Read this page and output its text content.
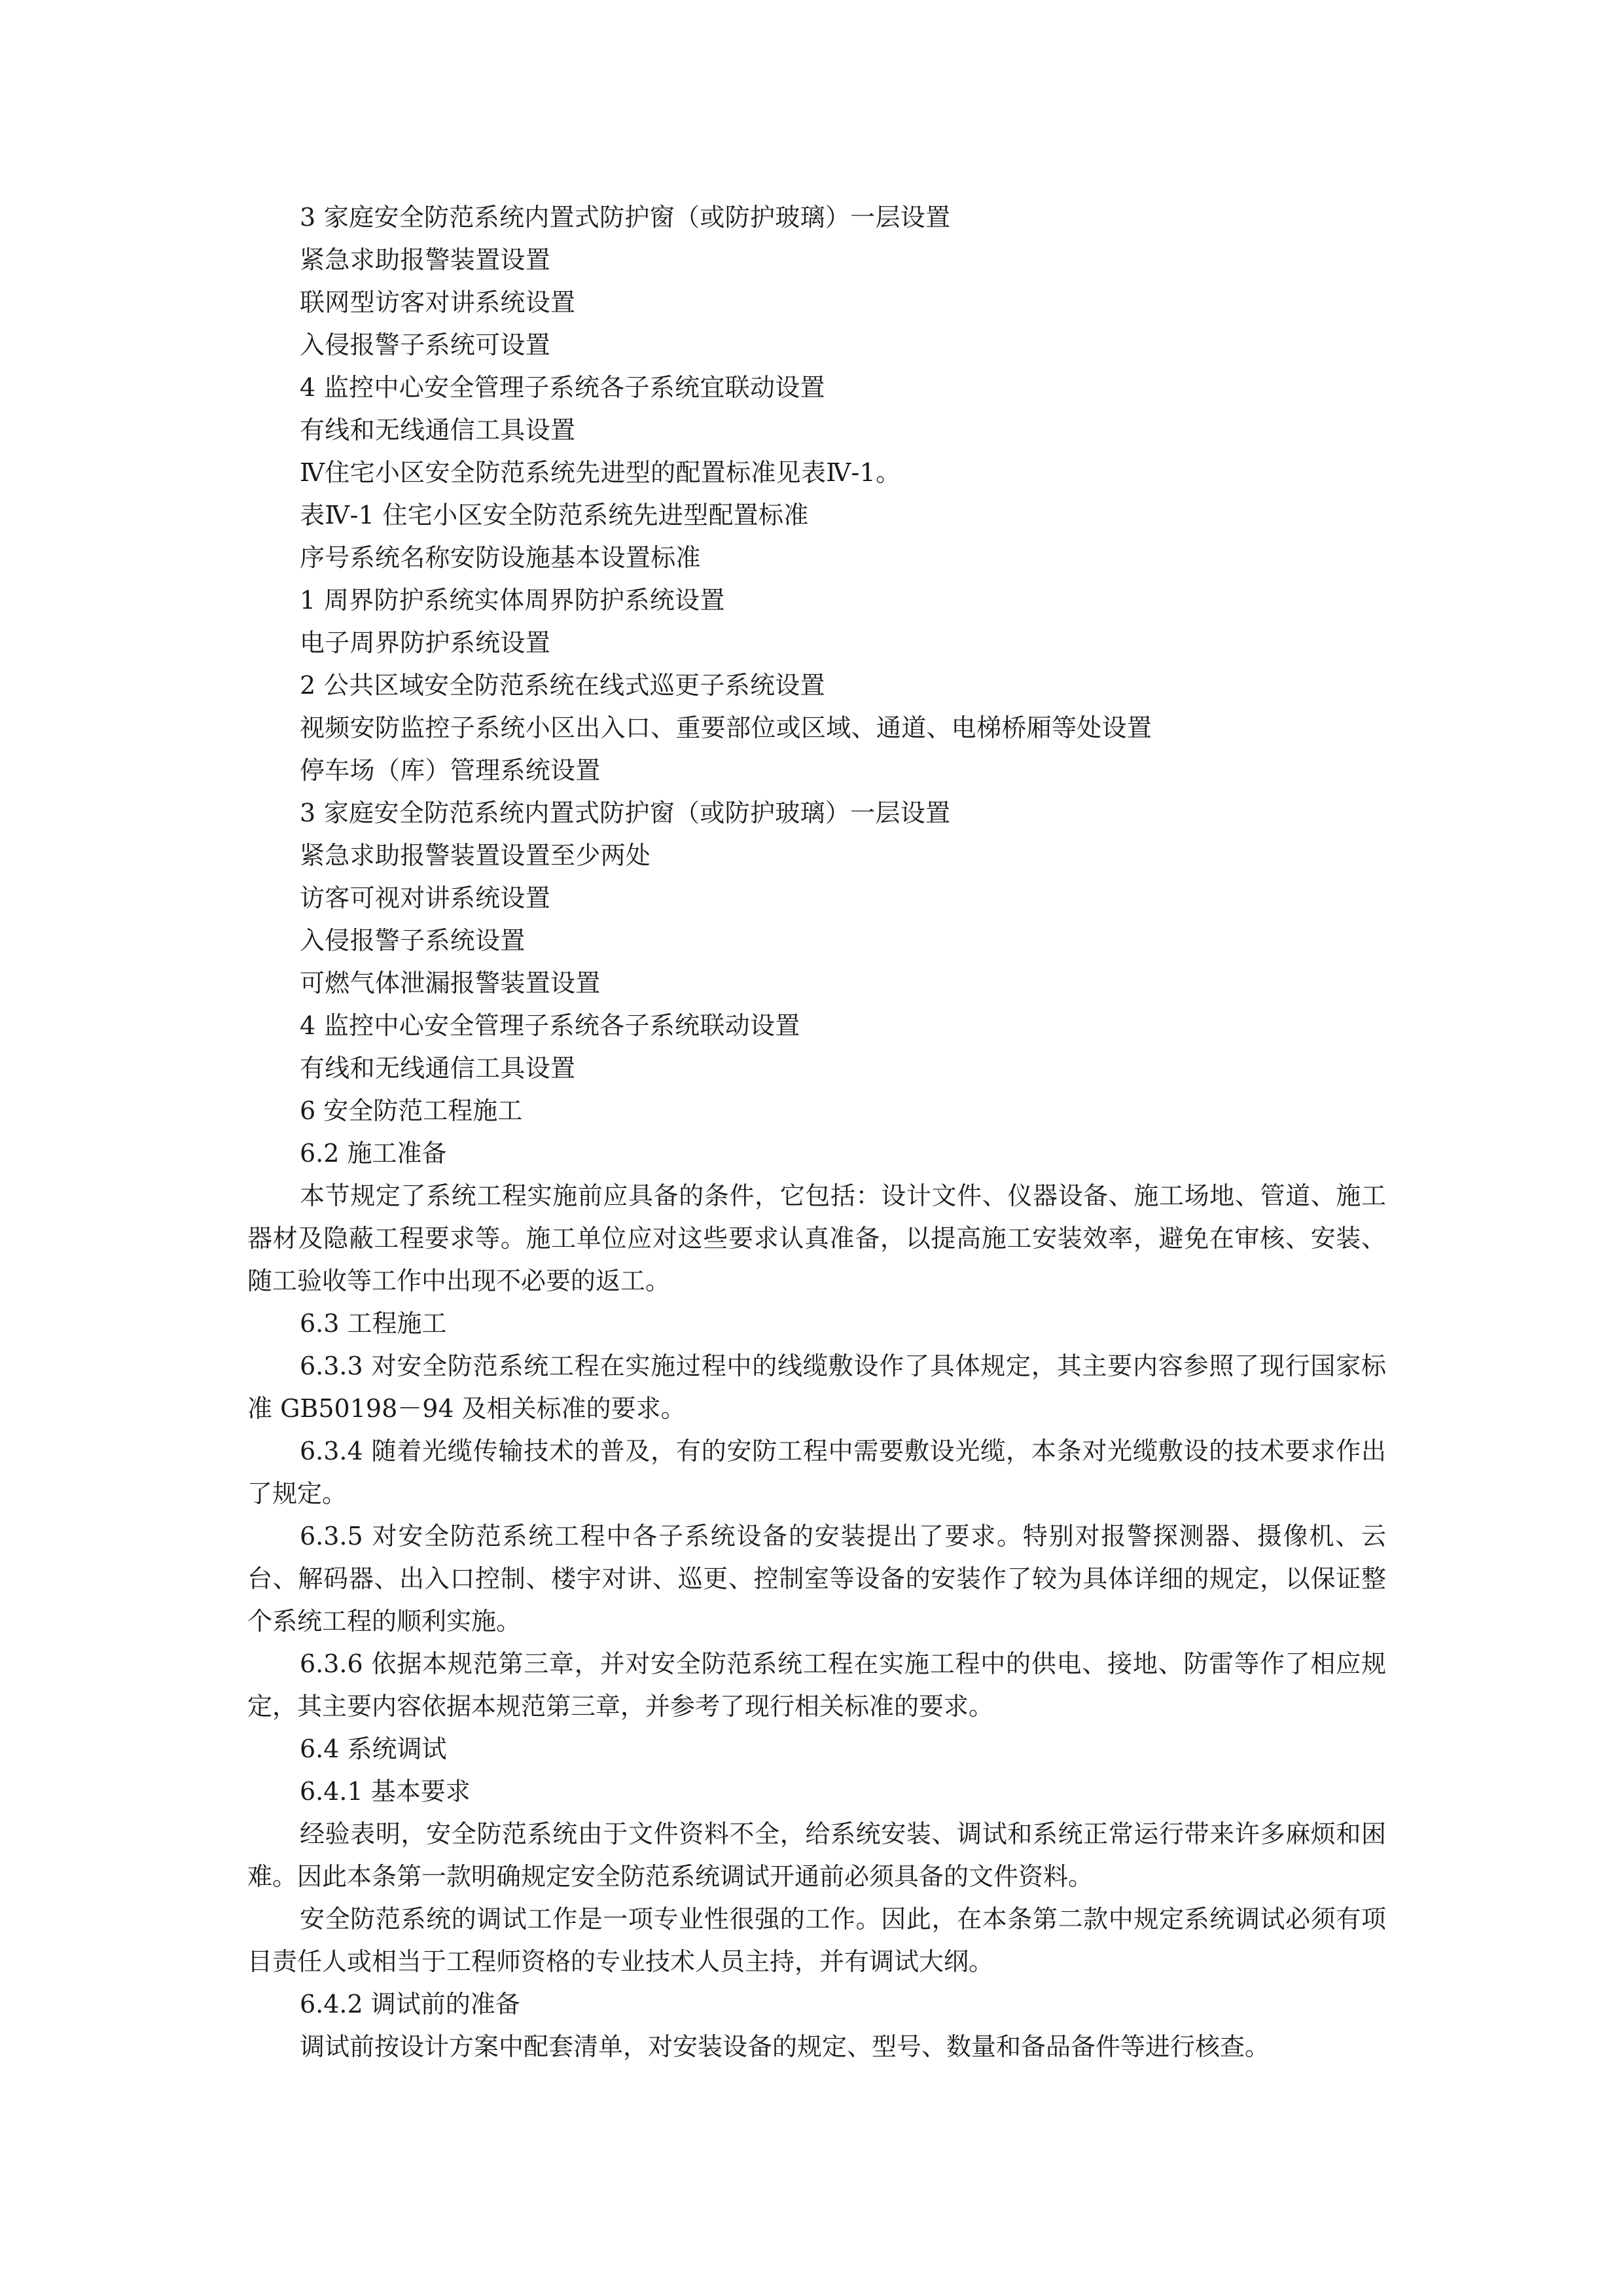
3 家庭安全防范系统内置式防护窗（或防护玻璃）一层设置
紧急求助报警装置设置
联网型访客对讲系统设置
入侵报警子系统可设置
4 监控中心安全管理子系统各子系统宜联动设置
有线和无线通信工具设置
Ⅳ住宅小区安全防范系统先进型的配置标准见表Ⅳ-1。
表Ⅳ-1 住宅小区安全防范系统先进型配置标准
序号系统名称安防设施基本设置标准
1 周界防护系统实体周界防护系统设置
电子周界防护系统设置
2 公共区域安全防范系统在线式巡更子系统设置
视频安防监控子系统小区出入口、重要部位或区域、通道、电梯桥厢等处设置
停车场（库）管理系统设置
3 家庭安全防范系统内置式防护窗（或防护玻璃）一层设置
紧急求助报警装置设置至少两处
访客可视对讲系统设置
入侵报警子系统设置
可燃气体泄漏报警装置设置
4 监控中心安全管理子系统各子系统联动设置
有线和无线通信工具设置
6 安全防范工程施工
6.2 施工准备

本节规定了系统工程实施前应具备的条件，它包括：设计文件、仪器设备、施工场地、管道、施工器材及隐蔽工程要求等。施工单位应对这些要求认真准备，以提高施工安装效率，避免在审核、安装、随工验收等工作中出现不必要的返工。

6.3 工程施工

6.3.3 对安全防范系统工程在实施过程中的线缆敷设作了具体规定，其主要内容参照了现行国家标准 GB50198－94 及相关标准的要求。

6.3.4 随着光缆传输技术的普及，有的安防工程中需要敷设光缆，本条对光缆敷设的技术要求作出了规定。

6.3.5 对安全防范系统工程中各子系统设备的安装提出了要求。特别对报警探测器、摄像机、云台、解码器、出入口控制、楼宇对讲、巡更、控制室等设备的安装作了较为具体详细的规定，以保证整个系统工程的顺利实施。

6.3.6 依据本规范第三章，并对安全防范系统工程在实施工程中的供电、接地、防雷等作了相应规定，其主要内容依据本规范第三章，并参考了现行相关标准的要求。

6.4 系统调试
6.4.1 基本要求

经验表明，安全防范系统由于文件资料不全，给系统安装、调试和系统正常运行带来许多麻烦和困难。因此本条第一款明确规定安全防范系统调试开通前必须具备的文件资料。

安全防范系统的调试工作是一项专业性很强的工作。因此，在本条第二款中规定系统调试必须有项目责任人或相当于工程师资格的专业技术人员主持，并有调试大纲。

6.4.2 调试前的准备

调试前按设计方案中配套清单，对安装设备的规定、型号、数量和备品备件等进行核查。
